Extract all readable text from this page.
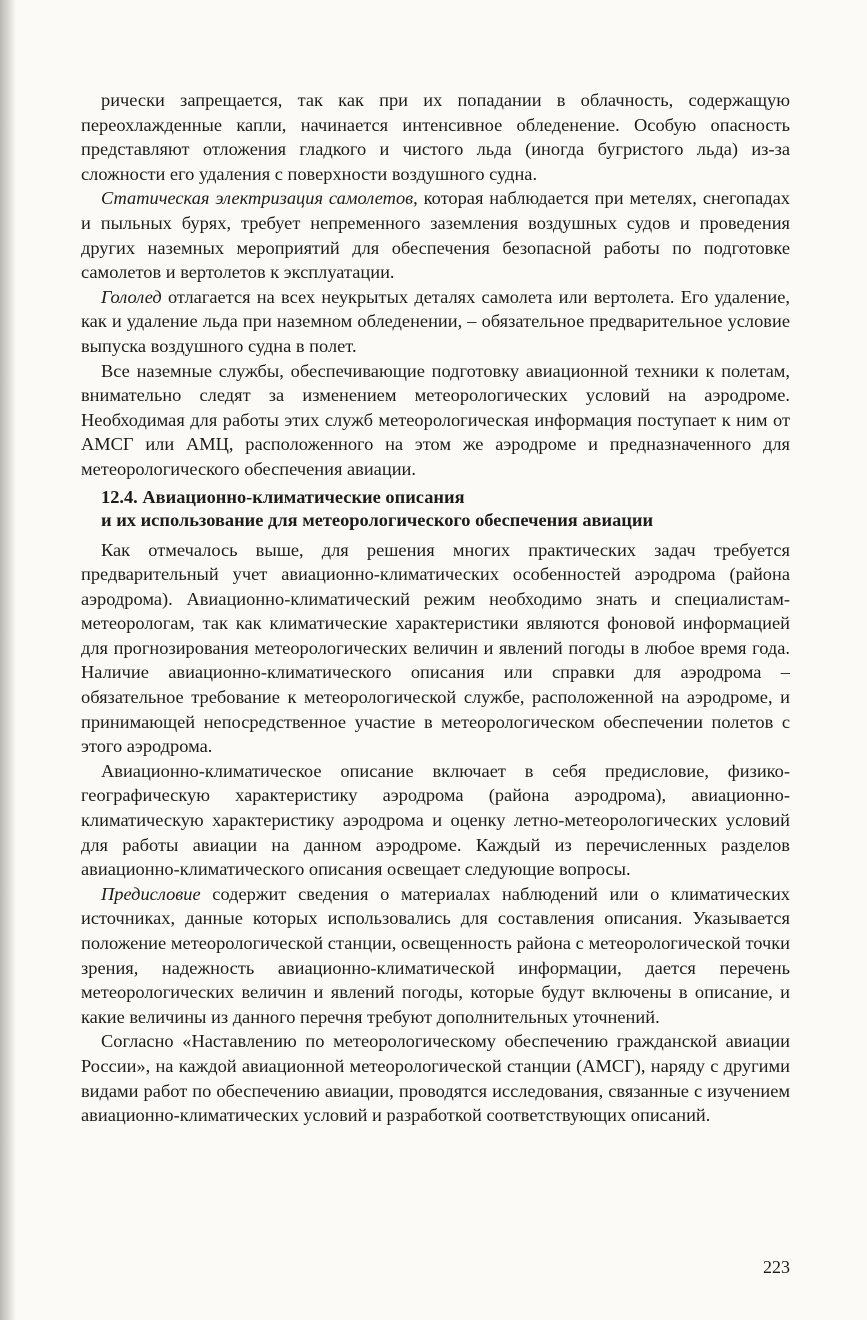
рически запрещается, так как при их попадании в облачность, содержащую переохлажденные капли, начинается интенсивное обледенение. Особую опасность представляют отложения гладкого и чистого льда (иногда бугристого льда) из-за сложности его удаления с поверхности воздушного судна.

Статическая электризация самолетов, которая наблюдается при метелях, снегопадах и пыльных бурях, требует непременного заземления воздушных судов и проведения других наземных мероприятий для обеспечения безопасной работы по подготовке самолетов и вертолетов к эксплуатации.

Гололед отлагается на всех неукрытых деталях самолета или вертолета. Его удаление, как и удаление льда при наземном обледенении, – обязательное предварительное условие выпуска воздушного судна в полет.

Все наземные службы, обеспечивающие подготовку авиационной техники к полетам, внимательно следят за изменением метеорологических условий на аэродроме. Необходимая для работы этих служб метеорологическая информация поступает к ним от АМСГ или АМЦ, расположенного на этом же аэродроме и предназначенного для метеорологического обеспечения авиации.

12.4. Авиационно-климатические описания
и их использование для метеорологического обеспечения авиации

Как отмечалось выше, для решения многих практических задач требуется предварительный учет авиационно-климатических особенностей аэродрома (района аэродрома). Авиационно-климатический режим необходимо знать и специалистам-метеорологам, так как климатические характеристики являются фоновой информацией для прогнозирования метеорологических величин и явлений погоды в любое время года. Наличие авиационно-климатического описания или справки для аэродрома – обязательное требование к метеорологической службе, расположенной на аэродроме, и принимающей непосредственное участие в метеорологическом обеспечении полетов с этого аэродрома.

Авиационно-климатическое описание включает в себя предисловие, физико-географическую характеристику аэродрома (района аэродрома), авиационно-климатическую характеристику аэродрома и оценку летно-метеорологических условий для работы авиации на данном аэродроме. Каждый из перечисленных разделов авиационно-климатического описания освещает следующие вопросы.

Предисловие содержит сведения о материалах наблюдений или о климатических источниках, данные которых использовались для составления описания. Указывается положение метеорологической станции, освещенность района с метеорологической точки зрения, надежность авиационно-климатической информации, дается перечень метеорологических величин и явлений погоды, которые будут включены в описание, и какие величины из данного перечня требуют дополнительных уточнений.

Согласно «Наставлению по метеорологическому обеспечению гражданской авиации России», на каждой авиационной метеорологической станции (АМСГ), наряду с другими видами работ по обеспечению авиации, проводятся исследования, связанные с изучением авиационно-климатических условий и разработкой соответствующих описаний.

223
